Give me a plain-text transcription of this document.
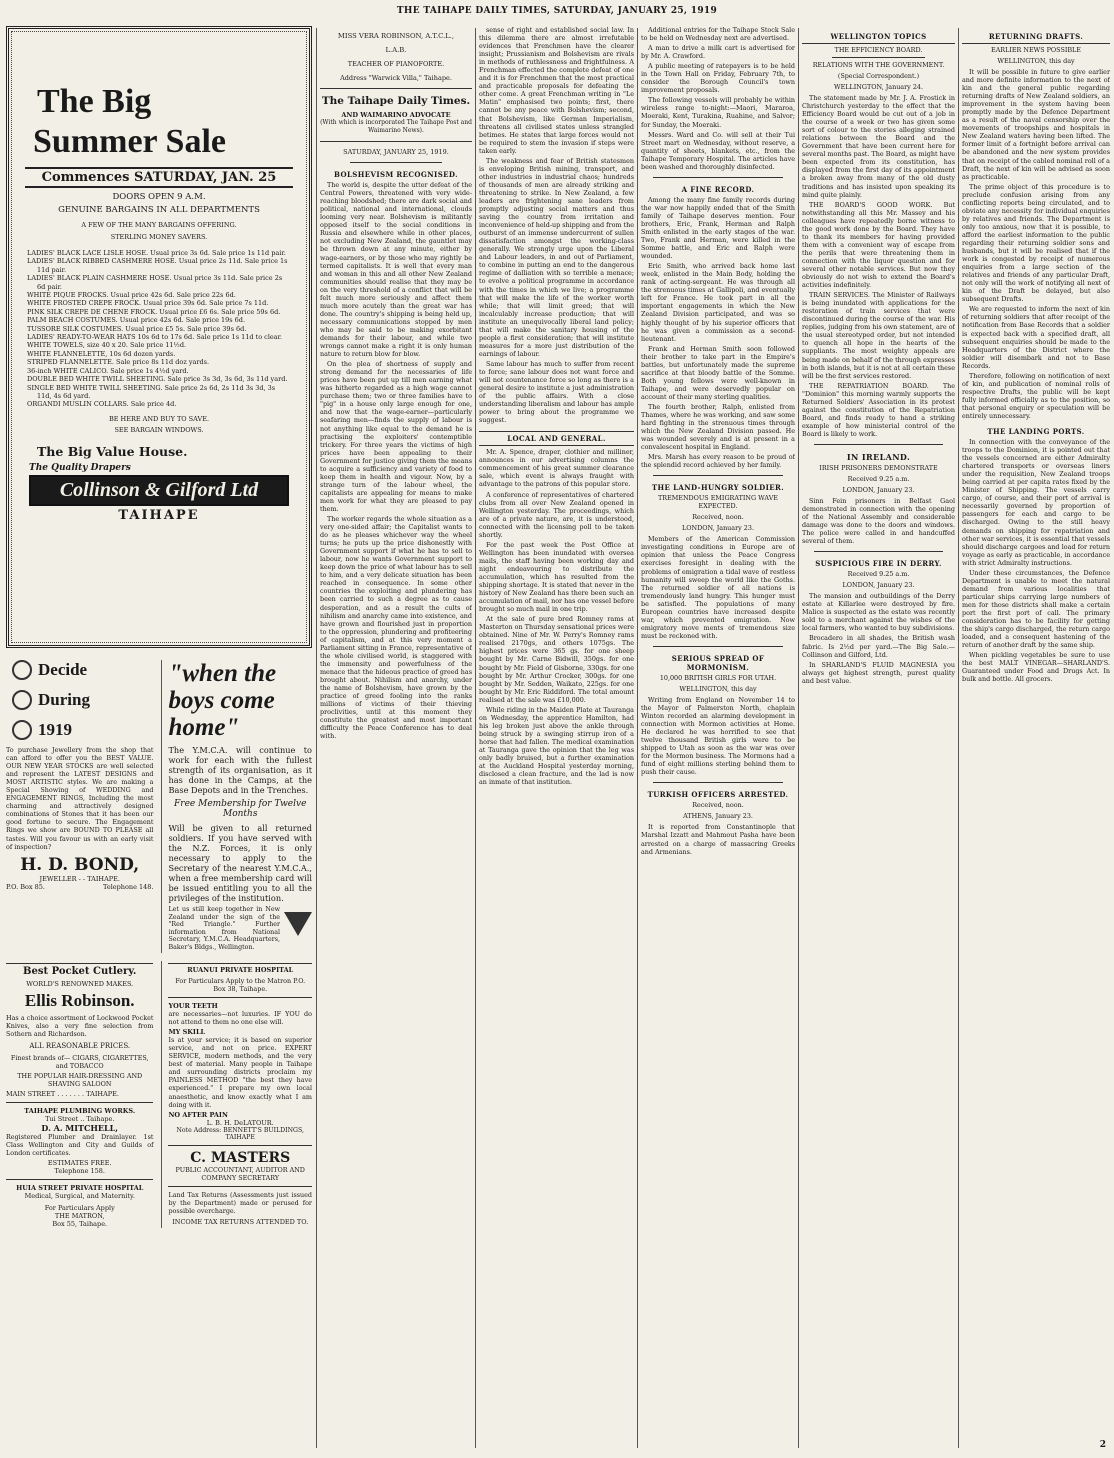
THE TAIHAPE DAILY TIMES, SATURDAY, JANUARY 25, 1919
The Big
Summer Sale
Commences SATURDAY, JAN. 25
DOORS OPEN 9 A.M.
GENUINE BARGAINS IN ALL DEPARTMENTS
A FEW OF THE MANY BARGAINS OFFERING.
STERLING MONEY SAVERS.
LADIES' BLACK LACE LISLE HOSE. Usual price 3s 6d. Sale price 1s 11d pair.
LADIES' BLACK RIBBED CASHMERE HOSE. Usual price 2s 11d. Sale price 1s 11d pair.
LADIES' BLACK PLAIN CASHMERE HOSE. Usual price 3s 11d. Sale price 2s 6d pair.
WHITE PIQUE FROCKS. Usual price 42s 6d. Sale price 22s 6d.
WHITE FROSTED CREPE FROCK. Usual price 39s 6d. Sale price 7s 11d.
PINK SILK CREPE DE CHENE FROCK. Usual price £6 6s. Sale price 59s 6d.
PALM BEACH COSTUMES. Usual price 42s 6d. Sale price 19s 6d.
TUSSORE SILK COSTUMES. Usual price £5 5s. Sale price 39s 6d.
LADIES' READY-TO-WEAR HATS 10s 6d to 17s 6d. Sale price 1s 11d to clear.
WHITE TOWELS, size 40 x 20. Sale price 11½d.
WHITE FLANNELETTE, 10s 6d dozen yards.
STRIPED FLANNELETTE. Sale price 8s 11d doz yards.
36-inch WHITE CALICO. Sale price 1s 4½d yard.
DOUBLE BED WHITE TWILL SHEETING. Sale price 3s 3d, 3s 6d, 3s 11d yard.
SINGLE BED WHITE TWILL SHEETING. Sale price 2s 6d, 2s 11d 3s 3d, 3s 11d, 4s 6d yard.
ORGANDI MUSLIN COLLARS. Sale price 4d.
BE HERE AND BUY TO SAVE.
SEE BARGAIN WINDOWS.
The Big Value House.
The Quality Drapers
Collinson & Gilford Ltd
TAIHAPE
Decide
During
1919

To purchase Jewellery from the shop that can afford to offer you the BEST VALUE. OUR NEW YEAR STOCKS are well selected and represent the LATEST DESIGNS and MOST ARTISTIC styles. We are making a Special Showing of WEDDING and ENGAGEMENT RINGS, Including the most charming and attractively designed combinations of Stones that it has been our good fortune to secure. The Engagement Rings we show are BOUND TO PLEASE all tastes. Will you favour us with an early visit of inspection?

H. D. BOND,
JEWELLER - - TAIHAPE.
P.O. Box 85.	Telephone 148.
"when the boys come home"

The Y.M.C.A. will continue to work for each with the fullest strength of its organisation, as it has done in the Camps, at the Base Depots and in the Trenches.

Free Membership for Twelve Months

Will be given to all returned soldiers. If you have served with the N.Z. Forces, it is only necessary to apply to the Secretary of the nearest Y.M.C.A., when a free membership card will be issued entitling you to all the privileges of the institution.

Let us still keep together in New Zealand under the sign of the "Red Triangle." Further information from National Secretary, Y.M.C.A. Headquarters, Baker's Bldgs., Wellington.

Best Pocket Cutlery.
WORLD'S RENOWNED MAKES.
Ellis Robinson.

Has a choice assortment of Lockwood Pocket Knives, also a very fine selection from Sothern and Richardson.

ALL REASONABLE PRICES.

Finest brands of— CIGARS, CIGARETTES, and TOBACCO

THE POPULAR HAIR-DRESSING AND SHAVING SALOON

MAIN STREET . . . . . . . TAIHAPE.
TAIHAPE PLUMBING WORKS.
Tui Street .. Taihape.
D. A. MITCHELL,

Registered Plumber and Drainlayer. 1st Class Wellington and City and Guilds of London certificates.

ESTIMATES FREE.
Telephone 158.
HUIA STREET PRIVATE HOSPITAL
Medical, Surgical, and Maternity.
For Particulars Apply
THE MATRON,
Box 55, Taihape.
RUANUI PRIVATE HOSPITAL

For Particulars Apply to the Matron P.O. Box 38, Taihape.

YOUR TEETH

are necessaries—not luxuries. IF YOU do not attend to them no one else will.

MY SKILL

Is at your service; it is based on superior service, and not on price. EXPERT SERVICE, modern methods, and the very best of material. Many people in Taihape and surrounding districts proclaim my PAINLESS METHOD "the best they have experienced." I prepare my own local anaesthetic, and know exactly what I am doing with it.

NO AFTER PAIN
L. B. H. DeLATOUR.
Note Address: BENNETT'S BUILDINGS, TAIHAPE
C. MASTERS

PUBLIC ACCOUNTANT, AUDITOR AND COMPANY SECRETARY

Land Tax Returns (Assessments just issued by the Department) made or perused for possible overcharge.

INCOME TAX RETURNS ATTENDED TO.
MISS VERA ROBINSON, A.T.C.L.,
L.A.B.
TEACHER OF PIANOFORTE.
Address "Warwick Villa," Taihape.
The Taihape Daily Times.
AND WAIMARINO ADVOCATE

(With which is incorporated The Taihape Post and Waimarino News).

SATURDAY, JANUARY 25, 1919.
BOLSHEVISM RECOGNISED.

The world is, despite the utter defeat of the Central Powers, threatened with very wide-reaching bloodshed; there are dark social and political, national and international, clouds looming very near. Bolshevism is militantly opposed itself to the social conditions in Russia and elsewhere while in other places, not excluding New Zealand, the gauntlet may be thrown down at any minute, either by wage-earners, or by those who may rightly be termed capitalists. It is well that every man and woman in this and all other New Zealand communities should realise that they may be on the very threshold of a conflict that will be felt much more seriously and affect them much more acutely than the great war has done. The country's shipping is being held up, necessary communications stopped by men who may be said to be making exorbitant demands for their labour, and while two wrongs cannot make a right it is only human nature to return blow for blow.

On the plea of shortness of supply and strong demand for the necessaries of life prices have been put up till men earning what was hitherto regarded as a high wage cannot purchase them; two or three families have to "pig" in a house only large enough for one, and now that the wage-earner—particularly seafaring men—finds the supply of labour is not anything like equal to the demand he is practising the exploiters' contemptible trickery. For three years the victims of high prices have been appealing to their Government for justice giving them the means to acquire a sufficiency and variety of food to keep them in health and vigour. Now, by a strange turn of the labour wheel, the capitalists are appealing for means to make men work for what they are pleased to pay them.

The worker regards the whole situation as a very one-sided affair; the Capitalist wants to do as he pleases whichever way the wheel turns; he puts up the price dishonestly with Government support if what he has to sell to labour, now he wants Government support to keep down the price of what labour has to sell to him, and a very delicate situation has been reached in consequence. In some other countries the exploiting and plundering has been carried to such a degree as to cause desperation, and as a result the cults of nihilism and anarchy came into existence, and have grown and flourished just in proportion to the oppression, plundering and profiteering of capitalism, and at this very moment a Parliament sitting in France, representative of the whole civilised world, is staggered with the immensity and powerfulness of the menace that the hideous practice of greed has brought about. Nihilism and anarchy, under the name of Bolshevism, have grown by the practice of greed fooling into the ranks millions of victims of their thieving proclivities, until at this moment they constitute the greatest and most important difficulty the Peace Conference has to deal with.

sense of right and established social law. In this dilemma there are almost irrefutable evidences that Frenchmen have the clearer insight; Prussianism and Bolshevism are rivals in methods of ruthlessness and frightfulness. A Frenchman effected the complete defeat of one and it is for Frenchmen that the most practical and practicable proposals for defeating the other come. A great Frenchman writing in "Le Matin" emphasised two points; first, there cannot be any peace with Bolshevism; second, that Bolshevism, like German Imperialism, threatens all civilised states unless strangled betimes. He states that large forces would not be required to stem the invasion if steps were taken early.

The weakness and fear of British statesmen is enveloping British mining, transport, and other industries in industrial chaos; hundreds of thousands of men are already striking and threatening to strike. In New Zealand, a few leaders are frightening sane leaders from promptly adjusting social matters and thus saving the country from irritation and inconvenience of held-up shipping and from the outburst of an immense undercurrent of sullen dissatisfaction amongst the working-class generally. We strongly urge upon the Liberal and Labour leaders, in and out of Parliament, to combine in putting an end to the dangerous regime of dalliation with so terrible a menace; to evolve a political programme in accordance with the times in which we live; a programme that will make the life of the worker worth while; that will limit greed; that will incalculably increase production; that will institute an unequivocally liberal land policy; that will make the sanitary housing of the people a first consideration; that will institute measures for a more just distribution of the earnings of labour.

Same labour has much to suffer from recent to force; sane labour does not want force and will not countenance force so long as there is a general desire to institute a just administration of the public affairs. With a close understanding liberalism and labour has ample power to bring about the programme we suggest.

LOCAL AND GENERAL.

Mr. A. Spence, draper, clothier and milliner, announces in our advertising columns the commencement of his great summer clearance sale, which event is always fraught with advantage to the patrons of this popular store.

A conference of representatives of chartered clubs from all over New Zealand opened in Wellington yesterday. The proceedings, which are of a private nature, are, it is understood, connected with the licensing poll to be taken shortly.

For the past week the Post Office at Wellington has been inundated with oversea mails, the staff having been working day and night endeavouring to distribute the accumulation, which has resulted from the shipping shortage. It is stated that never in the history of New Zealand has there been such an accumulation of mail, nor has one vessel before brought so much mail in one trip.

At the sale of pure bred Romney rams at Masterton on Thursday sensational prices were obtained. Nine of Mr. W. Perry's Romney rams realised 2170gs, and others 1075gs. The highest prices were 365 gs. for one sheep bought by Mr. Carne Bidwill, 350gs. for one bought by Mr. Field of Gisborne, 330gs. for one bought by Mr. Arthur Crocker, 300gs. for one bought by Mr. Sedden, Waikato, 225gs. for one bought by Mr. Eric Riddiford. The total amount realised at the sale was £10,000.

While riding in the Maiden Plate at Tauranga on Wednesday, the apprentice Hamilton, had his leg broken just above the ankle through being struck by a swinging stirrup iron of a horse that had fallen. The medical examination at Tauranga gave the opinion that the leg was only badly bruised, but a further examination at the Auckland Hospital yesterday morning, disclosed a clean fracture, and the lad is now an inmate of that institution.

Additional entries for the Taihape Stock Sale to be held on Wednesday next are advertised.

A man to drive a milk cart is advertised for by Mr. A. Crawford.

A public meeting of ratepayers is to be held in the Town Hall on Friday, February 7th, to consider the Borough Council's town improvement proposals.

The following vessels will probably be within wireless range to-night:—Maori, Mararoa, Moeraki, Kent, Turakina, Ruahine, and Salvor; for Sunday, the Moeraki.

Messrs. Ward and Co. will sell at their Tui Street mart on Wednesday, without reserve, a quantity of sheets, blankets, etc., from the Taihape Temporary Hospital. The articles have been washed and thoroughly disinfected.

A FINE RECORD.

Among the many fine family records during the war now happily ended that of the Smith family of Taihape deserves mention. Four brothers, Eric, Frank, Herman and Ralph Smith enlisted in the early stages of the war. Two, Frank and Herman, were killed in the Somme battle, and Eric and Ralph were wounded.

Eric Smith, who arrived back home last week, enlisted in the Main Body, holding the rank of acting-sergeant. He was through all the strenuous times at Gallipoli, and eventually left for France. He took part in all the important engagements in which the New Zealand Division participated, and was so highly thought of by his superior officers that he was given a commission as a second-lieutenant.

Frank and Herman Smith soon followed their brother to take part in the Empire's battles, but unfortunately made the supreme sacrifice at that bloody battle of the Somme. Both young fellows were well-known in Taihape, and were deservedly popular on account of their many sterling qualities.

The fourth brother, Ralph, enlisted from Thames, where he was working, and saw some hard fighting in the strenuous times through which the New Zealand Division passed. He was wounded severely and is at present in a convalescent hospital in England.

Mrs. Marsh has every reason to be proud of the splendid record achieved by her family.

THE LAND-HUNGRY SOLDIER.
TREMENDOUS EMIGRATING WAVE EXPECTED.
Received, noon.
LONDON, January 23.

Members of the American Commission investigating conditions in Europe are of opinion that unless the Peace Congress exercises foresight in dealing with the problems of emigration a tidal wave of restless humanity will sweep the world like the Goths. The returned soldier of all nations is tremendously land hungry. This hunger must be satisfied. The populations of many European countries have increased despite war, which prevented emigration. Now emigratory move ments of tremendous size must be reckoned with.

SERIOUS SPREAD OF MORMONISM.
10,000 BRITISH GIRLS FOR UTAH.
WELLINGTON, this day

Writing from England on November 14 to the Mayor of Palmerston North, chaplain Winton recorded an alarming development in connection with Mormon activities at Home. He declared he was horrified to see that twelve thousand British girls were to be shipped to Utah as soon as the war was over for the Mormon business. The Mormons had a fund of eight millions sterling behind them to push their cause.

TURKISH OFFICERS ARRESTED.
Received, noon.
ATHENS, January 23.

It is reported from Constantinople that Marshal Izzatt and Mahmout Pasha have been arrested on a charge of massacring Greeks and Armenians.

WELLINGTON TOPICS
THE EFFICIENCY BOARD.
RELATIONS WITH THE GOVERNMENT.
(Special Correspondent.)
WELLINGTON, January 24.

The statement made by Mr. J. A. Frostick in Christchurch yesterday to the effect that the Efficiency Board would be cut out of a job in the course of a week or two has given some sort of colour to the stories alleging strained relations between the Board and the Government that have been current here for several months past. The Board, as might have been expected from its constitution, has displayed from the first day of its appointment a broken away from many of the old dusty traditions and has insisted upon speaking its mind quite plainly.

THE BOARD'S GOOD WORK. But notwithstanding all this Mr. Massey and his colleagues have repeatedly borne witness to the good work done by the Board. They have to thank its members for having provided them with a convenient way of escape from the perils that were threatening them in connection with the liquor question and for several other notable services. But now they obviously do not wish to extend the Board's activities indefinitely.

TRAIN SERVICES. The Minister of Railways is being inundated with applications for the restoration of train services that were discontinued during the course of the war. His replies, judging from his own statement, are of the usual stereotyped order, but not intended to quench all hope in the hearts of the suppliants. The most weighty appeals are being made on behalf of the through expresses in both islands, but it is not at all certain these will be the first services restored.

THE REPATRIATION BOARD. The "Dominion" this morning warmly supports the Returned Soldiers' Association in its protest against the constitution of the Repatriation Board, and finds ready to hand a striking example of how ministerial control of the Board is likely to work.

IN IRELAND.
IRISH PRISONERS DEMONSTRATE
Received 9.25 a.m.
LONDON, January 23.

Sinn Fein prisoners in Belfast Gaol demonstrated in connection with the opening of the National Assembly and considerable damage was done to the doors and windows. The police were called in and handcuffed several of them.

SUSPICIOUS FIRE IN DERRY.
Received 9.25 a.m.
LONDON, January 23.

The mansion and outbuildings of the Derry estate at Killarlee were destroyed by fire. Malice is suspected as the estate was recently sold to a merchant against the wishes of the local farmers, who wanted to buy subdivisions.

Brocadero in all shades, the British wash fabric. Is 2½d per yard.—The Big Sale.—Collinson and Gilford, Ltd.

In SHARLAND'S FLUID MAGNESIA you always get highest strength, purest quality and best value.

RETURNING DRAFTS.
EARLIER NEWS POSSIBLE
WELLINGTON, this day

It will be possible in future to give earlier and more definite information to the next of kin and the general public regarding returning drafts of New Zealand soldiers, an improvement in the system having been promptly made by the Defence Department as a result of the naval censorship over the movements of troopships and hospitals in New Zealand waters having been lifted. The former limit of a fortnight before arrival can be abandoned and the new system provides that on receipt of the cabled nominal roll of a Draft, the next of kin will be advised as soon as practicable.

The prime object of this procedure is to preclude confusion arising from any conflicting reports being circulated, and to obviate any necessity for individual enquiries by relatives and friends. The Department is only too anxious, now that it is possible, to afford the earliest information to the public regarding their returning soldier sons and husbands, but it will be realised that if the work is congested by receipt of numerous enquiries from a large section of the relatives and friends of any particular Draft, not only will the work of notifying all next of kin of the Draft be delayed, but also subsequent Drafts.

We are requested to inform the next of kin of returning soldiers that after receipt of the notification from Base Records that a soldier is expected back with a specified draft, all subsequent enquiries should be made to the Headquarters of the District where the soldier will disembark and not to Base Records.

Therefore, following on notification of next of kin, and publication of nominal rolls of respective Drafts, the public will be kept fully informed officially as to the position, so that personal enquiry or speculation will be entirely unnecessary.

THE LANDING PORTS.

In connection with the conveyance of the troops to the Dominion, it is pointed out that the vessels concerned are either Admiralty chartered transports or overseas liners under the requisition, New Zealand troops being carried at per capita rates fixed by the Minister of Shipping. The vessels carry cargo, of course, and their port of arrival is necessarily governed by proportion of passengers for each and cargo to be discharged. Owing to the still heavy demands on shipping for repatriation and other war services, it is essential that vessels should discharge cargoes and load for return voyage as early as practicable, in accordance with strict Admiralty instructions.

Under these circumstances, the Defence Department is unable to meet the natural demand from various localities that particular ships carrying large numbers of men for those districts shall make a certain port the first port of call. The primary consideration has to be facility for getting the ship's cargo discharged, the return cargo loaded, and a consequent hastening of the return of another draft by the same ship.

When pickling vegetables be sure to use the best MALT VINEGAR—SHARLAND'S. Guaranteed under Food and Drugs Act. In bulk and bottle. All grocers.

2
